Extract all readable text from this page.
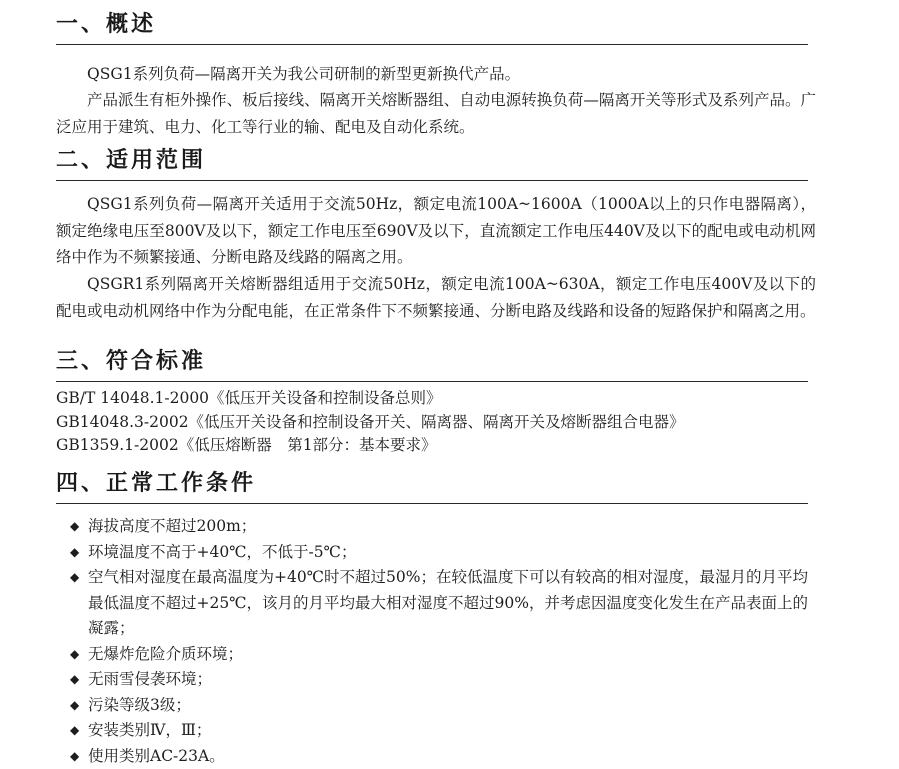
一、概述

QSG1系列负荷—隔离开关为我公司研制的新型更新换代产品。

产品派生有柜外操作、板后接线、隔离开关熔断器组、自动电源转换负荷—隔离开关等形式及系列产品。广泛应用于建筑、电力、化工等行业的输、配电及自动化系统。

二、适用范围

QSG1系列负荷—隔离开关适用于交流50Hz，额定电流100A~1600A（1000A以上的只作电器隔离），额定绝缘电压至800V及以下，额定工作电压至690V及以下，直流额定工作电压440V及以下的配电或电动机网络中作为不频繁接通、分断电路及线路的隔离之用。

QSGR1系列隔离开关熔断器组适用于交流50Hz，额定电流100A~630A，额定工作电压400V及以下的配电或电动机网络中作为分配电能，在正常条件下不频繁接通、分断电路及线路和设备的短路保护和隔离之用。

三、符合标准
GB/T 14048.1-2000《低压开关设备和控制设备总则》
GB14048.3-2002《低压开关设备和控制设备开关、隔离器、隔离开关及熔断器组合电器》
GB1359.1-2002《低压熔断器　第1部分：基本要求》
四、正常工作条件
◆ 海拔高度不超过200m；
◆ 环境温度不高于+40℃，不低于-5℃；
◆ 空气相对湿度在最高温度为+40℃时不超过50%；在较低温度下可以有较高的相对湿度，最湿月的月平均最低温度不超过+25℃，该月的月平均最大相对湿度不超过90%，并考虑因温度变化发生在产品表面上的凝露；
◆ 无爆炸危险介质环境；
◆ 无雨雪侵袭环境；
◆ 污染等级3级；
◆ 安装类别Ⅳ，Ⅲ；
◆ 使用类别AC-23A。
